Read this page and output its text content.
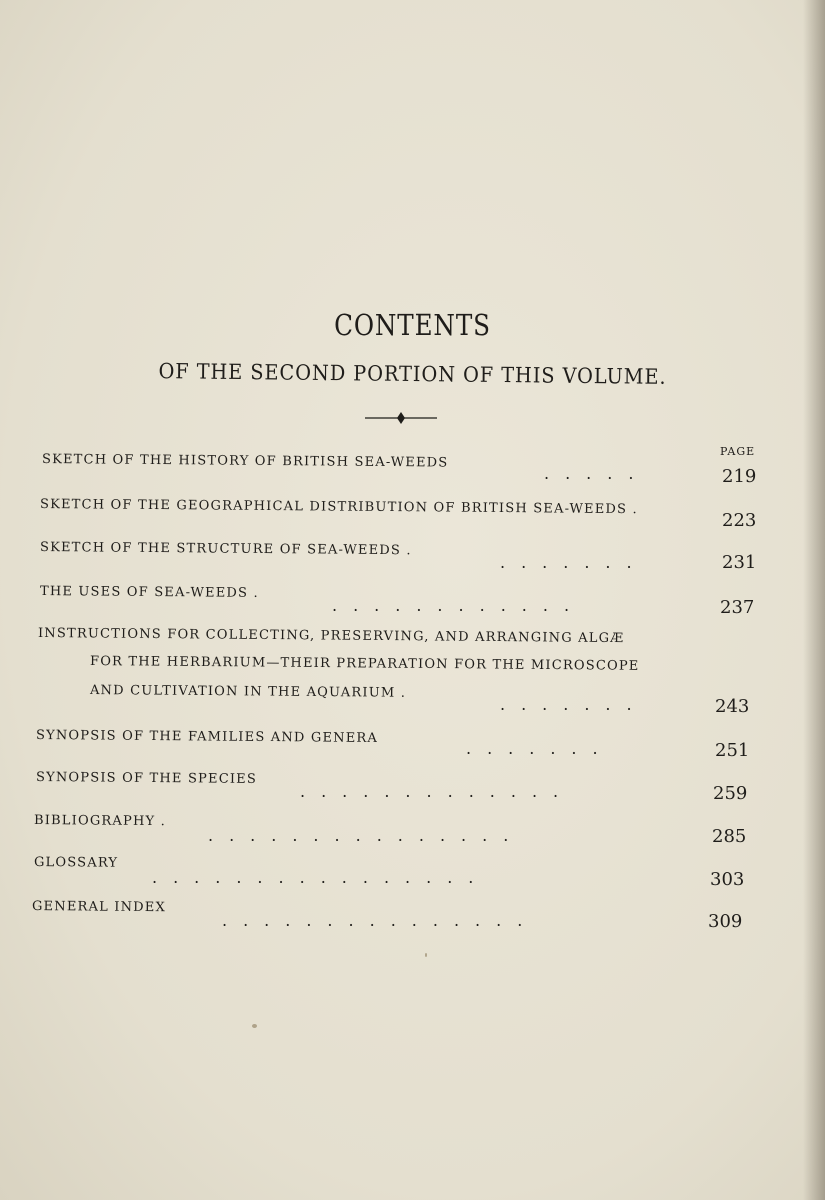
CONTENTS
OF THE SECOND PORTION OF THIS VOLUME.
PAGE
SKETCH OF THE HISTORY OF BRITISH SEA-WEEDS
.....	219
SKETCH OF THE GEOGRAPHICAL DISTRIBUTION OF BRITISH SEA-WEEDS .
223
SKETCH OF THE STRUCTURE OF SEA-WEEDS .
.......	231
THE USES OF SEA-WEEDS .
............	237
INSTRUCTIONS FOR COLLECTING, PRESERVING, AND ARRANGING ALGÆ
FOR THE HERBARIUM—THEIR PREPARATION FOR THE MICROSCOPE
AND CULTIVATION IN THE AQUARIUM .
.......	243
SYNOPSIS OF THE FAMILIES AND GENERA
.......	251
SYNOPSIS OF THE SPECIES
.............	259
BIBLIOGRAPHY .
...............	285
GLOSSARY
................	303
GENERAL INDEX
...............	309
